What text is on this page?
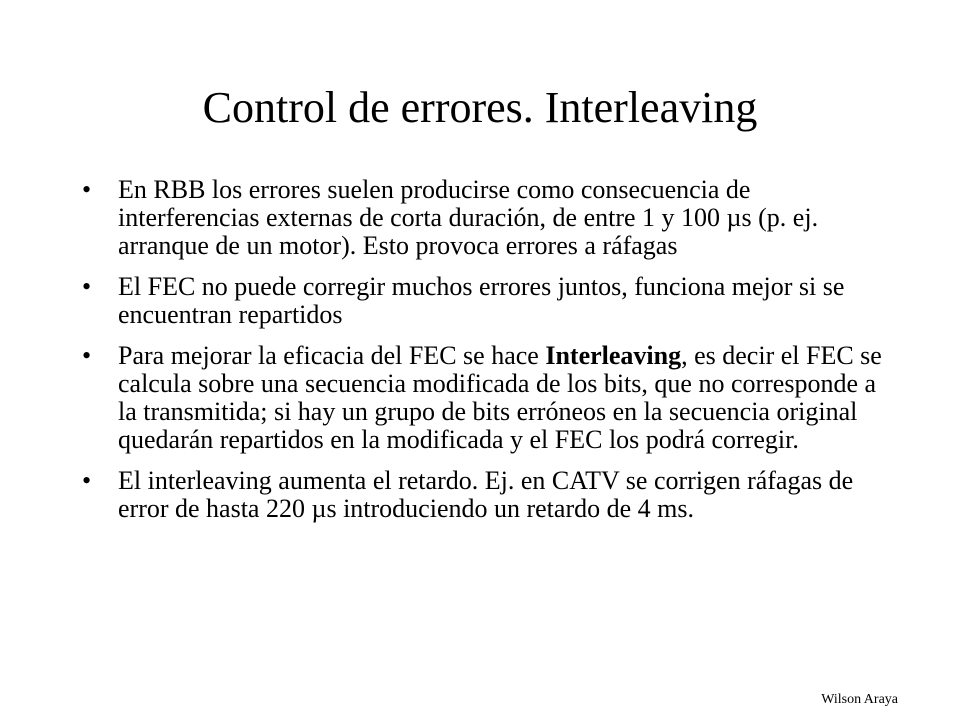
Control de errores. Interleaving
•	En RBB los errores suelen producirse como consecuencia de interferencias externas de corta duración, de entre 1 y 100 µs (p. ej. arranque de un motor). Esto provoca errores a ráfagas
•	El FEC no puede corregir muchos errores juntos, funciona mejor si se encuentran repartidos
•	Para mejorar la eficacia del FEC se hace Interleaving, es decir el FEC se calcula sobre una secuencia modificada de los bits, que no corresponde a la transmitida; si hay un grupo de bits erróneos en la secuencia original quedarán repartidos en la modificada y el FEC los podrá corregir.
•	El interleaving aumenta el retardo. Ej. en CATV se corrigen ráfagas de error de hasta 220 µs introduciendo un retardo de 4 ms.
Wilson Araya
